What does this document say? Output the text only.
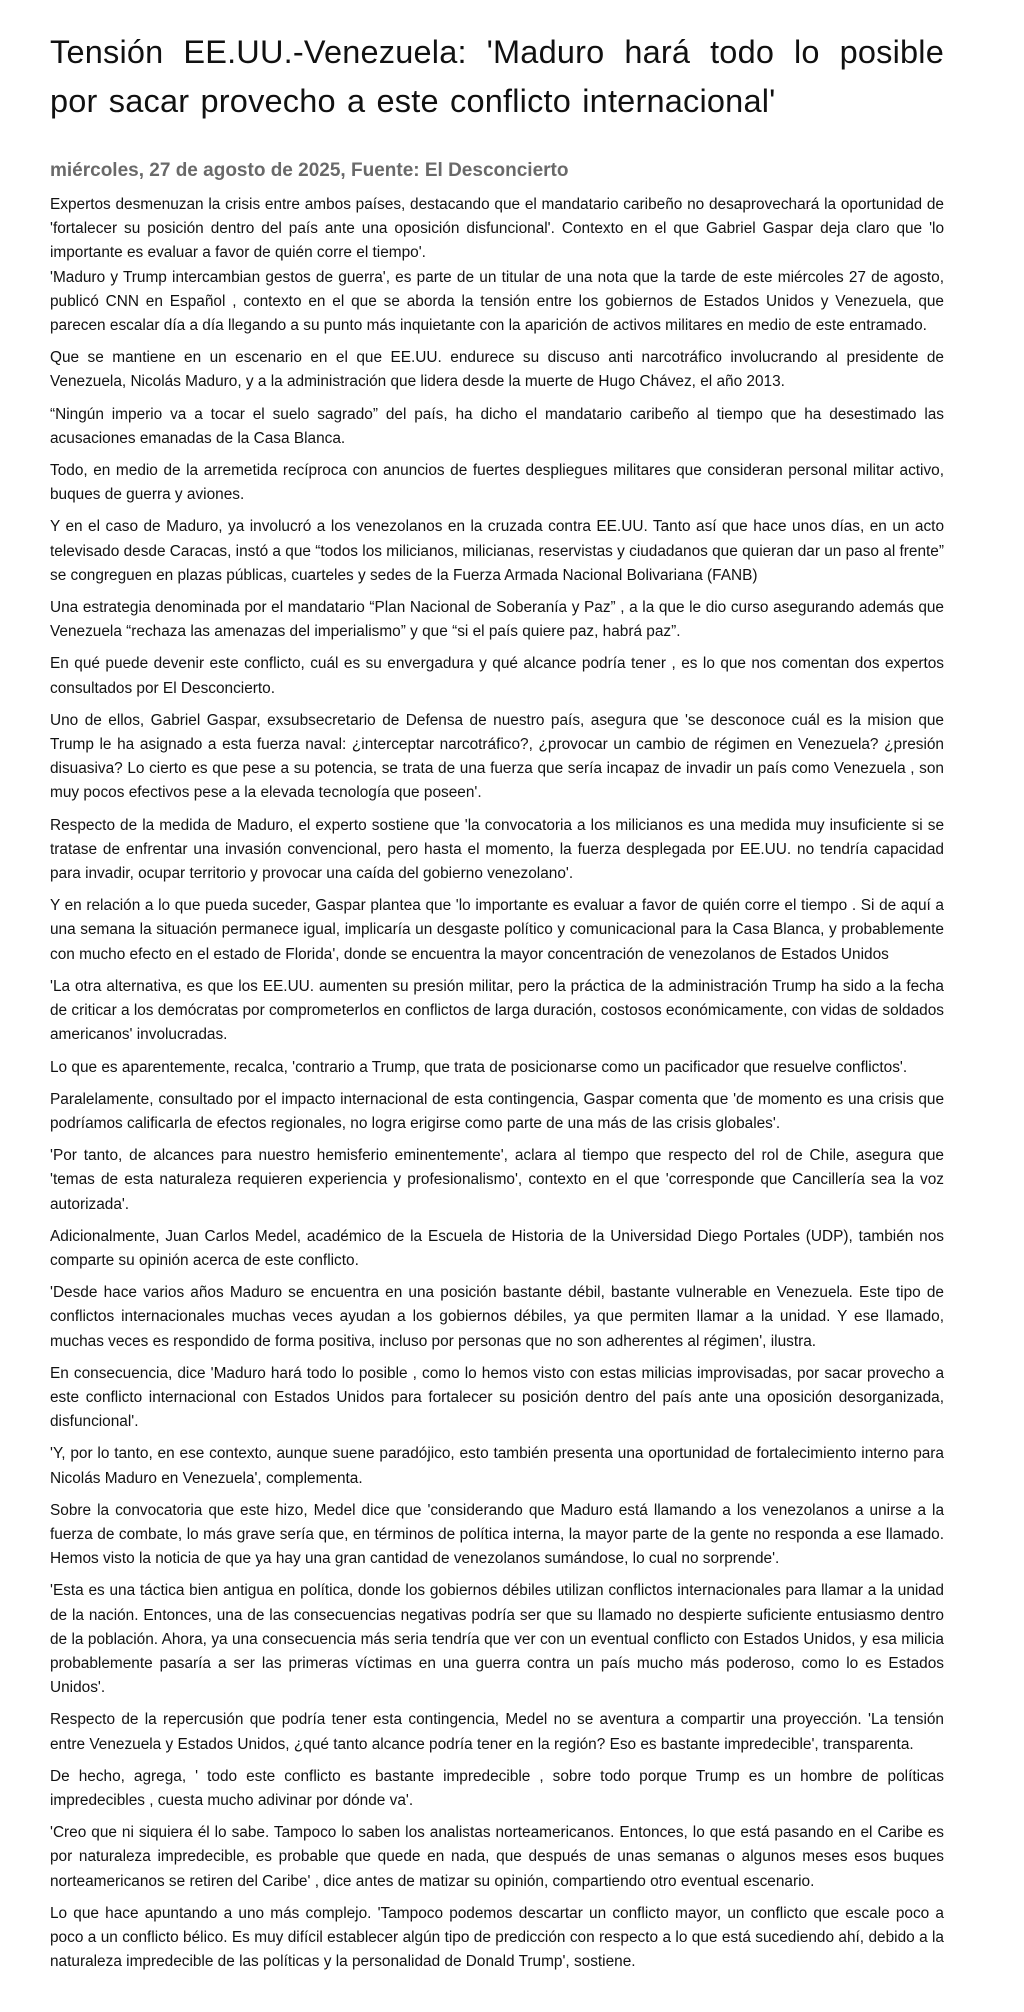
Tensión EE.UU.-Venezuela: 'Maduro hará todo lo posible por sacar provecho a este conflicto internacional'
miércoles, 27 de agosto de 2025, Fuente: El Desconcierto

Expertos desmenuzan la crisis entre ambos países, destacando que el mandatario caribeño no desaprovechará la oportunidad de 'fortalecer su posición dentro del país ante una oposición disfuncional'. Contexto en el que Gabriel Gaspar deja claro que 'lo importante es evaluar a favor de quién corre el tiempo'.

'Maduro y Trump intercambian gestos de guerra', es parte de un titular de una nota que la tarde de este miércoles 27 de agosto, publicó CNN en Español , contexto en el que se aborda la tensión entre los gobiernos de Estados Unidos y Venezuela, que parecen escalar día a día llegando a su punto más inquietante con la aparición de activos militares en medio de este entramado.

Que se mantiene en un escenario en el que EE.UU. endurece su discuso anti narcotráfico involucrando al presidente de Venezuela, Nicolás Maduro, y a la administración que lidera desde la muerte de Hugo Chávez, el año 2013.

“Ningún imperio va a tocar el suelo sagrado” del país, ha dicho el mandatario caribeño al tiempo que ha desestimado las acusaciones emanadas de la Casa Blanca.

Todo, en medio de la arremetida recíproca con anuncios de fuertes despliegues militares que consideran personal militar activo, buques de guerra y aviones.

Y en el caso de Maduro, ya involucró a los venezolanos en la cruzada contra EE.UU. Tanto así que hace unos días, en un acto televisado desde Caracas, instó a que “todos los milicianos, milicianas, reservistas y ciudadanos que quieran dar un paso al frente” se congreguen en plazas públicas, cuarteles y sedes de la Fuerza Armada Nacional Bolivariana (FANB)

Una estrategia denominada por el mandatario “Plan Nacional de Soberanía y Paz” , a la que le dio curso asegurando además que Venezuela “rechaza las amenazas del imperialismo” y que “si el país quiere paz, habrá paz”.

En qué puede devenir este conflicto, cuál es su envergadura y qué alcance podría tener , es lo que nos comentan dos expertos consultados por El Desconcierto.

Uno de ellos, Gabriel Gaspar, exsubsecretario de Defensa de nuestro país, asegura que 'se desconoce cuál es la mision que Trump le ha asignado a esta fuerza naval: ¿interceptar narcotráfico?, ¿provocar un cambio de régimen en Venezuela? ¿presión disuasiva? Lo cierto es que pese a su potencia, se trata de una fuerza que sería incapaz de invadir un país como Venezuela , son muy pocos efectivos pese a la elevada tecnología que poseen'.

Respecto de la medida de Maduro, el experto sostiene que 'la convocatoria a los milicianos es una medida muy insuficiente si se tratase de enfrentar una invasión convencional, pero hasta el momento, la fuerza desplegada por EE.UU. no tendría capacidad para invadir, ocupar territorio y provocar una caída del gobierno venezolano'.

Y en relación a lo que pueda suceder, Gaspar plantea que 'lo importante es evaluar a favor de quién corre el tiempo . Si de aquí a una semana la situación permanece igual, implicaría un desgaste político y comunicacional para la Casa Blanca, y probablemente con mucho efecto en el estado de Florida', donde se encuentra la mayor concentración de venezolanos de Estados Unidos

'La otra alternativa, es que los EE.UU. aumenten su presión militar, pero la práctica de la administración Trump ha sido a la fecha de criticar a los demócratas por comprometerlos en conflictos de larga duración, costosos económicamente, con vidas de soldados americanos' involucradas.

Lo que es aparentemente, recalca, 'contrario a Trump, que trata de posicionarse como un pacificador que resuelve conflictos'.

Paralelamente, consultado por el impacto internacional de esta contingencia, Gaspar comenta que 'de momento es una crisis que podríamos calificarla de efectos regionales, no logra erigirse como parte de una más de las crisis globales'.

'Por tanto, de alcances para nuestro hemisferio eminentemente', aclara al tiempo que respecto del rol de Chile, asegura que 'temas de esta naturaleza requieren experiencia y profesionalismo', contexto en el que 'corresponde que Cancillería sea la voz autorizada'.

Adicionalmente, Juan Carlos Medel, académico de la Escuela de Historia de la Universidad Diego Portales (UDP), también nos comparte su opinión acerca de este conflicto.

'Desde hace varios años Maduro se encuentra en una posición bastante débil, bastante vulnerable en Venezuela. Este tipo de conflictos internacionales muchas veces ayudan a los gobiernos débiles, ya que permiten llamar a la unidad. Y ese llamado, muchas veces es respondido de forma positiva, incluso por personas que no son adherentes al régimen', ilustra.

En consecuencia, dice 'Maduro hará todo lo posible , como lo hemos visto con estas milicias improvisadas, por sacar provecho a este conflicto internacional con Estados Unidos para fortalecer su posición dentro del país ante una oposición desorganizada, disfuncional'.

'Y, por lo tanto, en ese contexto, aunque suene paradójico, esto también presenta una oportunidad de fortalecimiento interno para Nicolás Maduro en Venezuela', complementa.

Sobre la convocatoria que este hizo, Medel dice que 'considerando que Maduro está llamando a los venezolanos a unirse a la fuerza de combate, lo más grave sería que, en términos de política interna, la mayor parte de la gente no responda a ese llamado. Hemos visto la noticia de que ya hay una gran cantidad de venezolanos sumándose, lo cual no sorprende'.

'Esta es una táctica bien antigua en política, donde los gobiernos débiles utilizan conflictos internacionales para llamar a la unidad de la nación. Entonces, una de las consecuencias negativas podría ser que su llamado no despierte suficiente entusiasmo dentro de la población. Ahora, ya una consecuencia más seria tendría que ver con un eventual conflicto con Estados Unidos, y esa milicia probablemente pasaría a ser las primeras víctimas en una guerra contra un país mucho más poderoso, como lo es Estados Unidos'.

Respecto de la repercusión que podría tener esta contingencia, Medel no se aventura a compartir una proyección. 'La tensión entre Venezuela y Estados Unidos, ¿qué tanto alcance podría tener en la región? Eso es bastante impredecible', transparenta.

De hecho, agrega, ' todo este conflicto es bastante impredecible , sobre todo porque Trump es un hombre de políticas impredecibles , cuesta mucho adivinar por dónde va'.

'Creo que ni siquiera él lo sabe. Tampoco lo saben los analistas norteamericanos. Entonces, lo que está pasando en el Caribe es por naturaleza impredecible, es probable que quede en nada, que después de unas semanas o algunos meses esos buques norteamericanos se retiren del Caribe' , dice antes de matizar su opinión, compartiendo otro eventual escenario.

Lo que hace apuntando a uno más complejo. 'Tampoco podemos descartar un conflicto mayor, un conflicto que escale poco a poco a un conflicto bélico. Es muy difícil establecer algún tipo de predicción con respecto a lo que está sucediendo ahí, debido a la naturaleza impredecible de las políticas y la personalidad de Donald Trump', sostiene.
